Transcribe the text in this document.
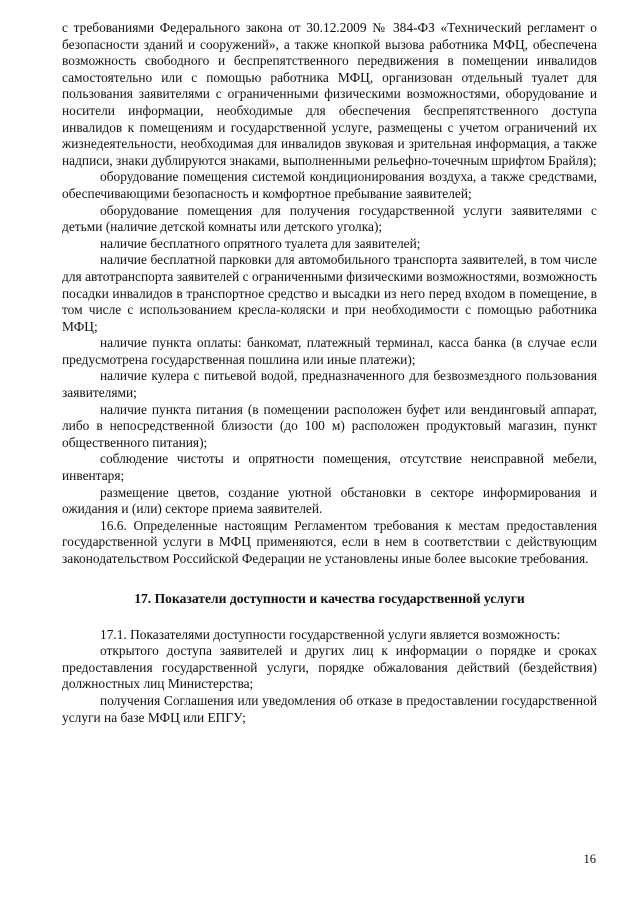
с требованиями Федерального закона от 30.12.2009 № 384-ФЗ «Технический регламент о безопасности зданий и сооружений», а также кнопкой вызова работника МФЦ, обеспечена возможность свободного и беспрепятственного передвижения в помещении инвалидов самостоятельно или с помощью работника МФЦ, организован отдельный туалет для пользования заявителями с ограниченными физическими возможностями, оборудование и носители информации, необходимые для обеспечения беспрепятственного доступа инвалидов к помещениям и государственной услуге, размещены с учетом ограничений их жизнедеятельности, необходимая для инвалидов звуковая и зрительная информация, а также надписи, знаки дублируются знаками, выполненными рельефно-точечным шрифтом Брайля);

оборудование помещения системой кондиционирования воздуха, а также средствами, обеспечивающими безопасность и комфортное пребывание заявителей;

оборудование помещения для получения государственной услуги заявителями с детьми (наличие детской комнаты или детского уголка);

наличие бесплатного опрятного туалета для заявителей;

наличие бесплатной парковки для автомобильного транспорта заявителей, в том числе для автотранспорта заявителей с ограниченными физическими возможностями, возможность посадки инвалидов в транспортное средство и высадки из него перед входом в помещение, в том числе с использованием кресла-коляски и при необходимости с помощью работника МФЦ;

наличие пункта оплаты: банкомат, платежный терминал, касса банка (в случае если предусмотрена государственная пошлина или иные платежи);

наличие кулера с питьевой водой, предназначенного для безвозмездного пользования заявителями;

наличие пункта питания (в помещении расположен буфет или вендинговый аппарат, либо в непосредственной близости (до 100 м) расположен продуктовый магазин, пункт общественного питания);

соблюдение чистоты и опрятности помещения, отсутствие неисправной мебели, инвентаря;

размещение цветов, создание уютной обстановки в секторе информирования и ожидания и (или) секторе приема заявителей.

16.6. Определенные настоящим Регламентом требования к местам предоставления государственной услуги в МФЦ применяются, если в нем в соответствии с действующим законодательством Российской Федерации не установлены иные более высокие требования.

17. Показатели доступности и качества государственной услуги

17.1. Показателями доступности государственной услуги является возможность:

открытого доступа заявителей и других лиц к информации о порядке и сроках предоставления государственной услуги, порядке обжалования действий (бездействия) должностных лиц Министерства;

получения Соглашения или уведомления об отказе в предоставлении государственной услуги на базе МФЦ или ЕПГУ;

16
